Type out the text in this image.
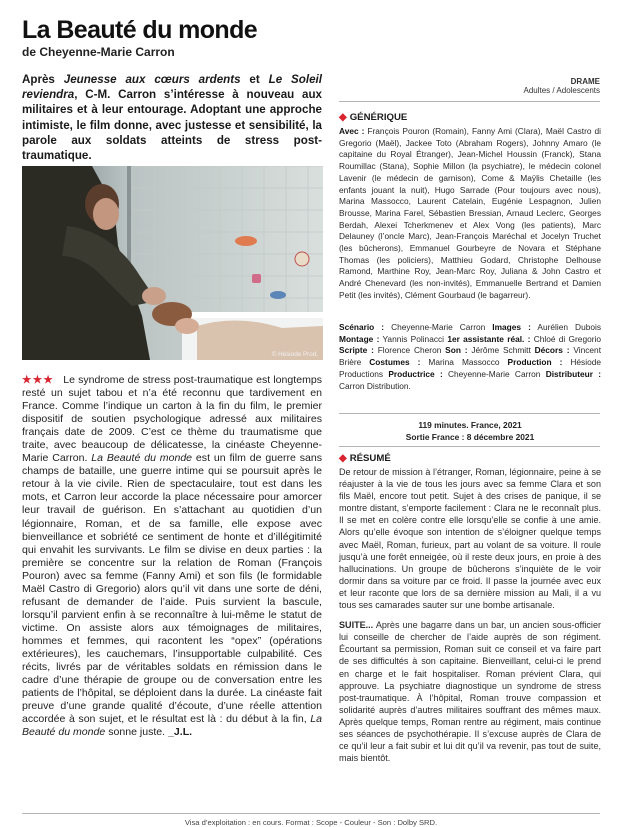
La Beauté du monde
de Cheyenne-Marie Carron
Après Jeunesse aux cœurs ardents et Le Soleil reviendra, C-M. Carron s’intéresse à nouveau aux militaires et à leur entourage. Adoptant une approche intimiste, le film donne, avec justesse et sensibilité, la parole aux soldats atteints de stress post-traumatique.
DRAME
Adultes / Adolescents
◆ GÉNÉRIQUE
Avec : François Pouron (Romain), Fanny Ami (Clara), Maël Castro di Gregorio (Maël), Jackee Toto (Abraham Rogers), Johnny Amaro (le capitaine du Royal Étranger), Jean-Michel Houssin (Franck), Stana Roumillac (Stana), Sophie Millon (la psychiatre), le médecin colonel Lavenir (le médecin de garnison), Come & Maÿlis Chetaille (les enfants jouant la nuit), Hugo Sarrade (Pour toujours avec nous), Marina Massocco, Laurent Catelain, Eugénie Lespagnon, Julien Brousse, Marina Farel, Sébastien Bressian, Arnaud Leclerc, Georges Berdah, Alexei Tcherkmenev et Alex Vong (les patients), Marc Delauney (l’oncle Marc), Jean-François Maréchal et Jocelyn Truchet (les bûcherons), Emmanuel Gourbeyre de Novara et Stéphane Thomas (les policiers), Matthieu Godard, Christophe Delhouse Ramond, Marthine Roy, Jean-Marc Roy, Juliana & John Castro et André Chenevard (les non-invités), Emmanuelle Bertrand et Damien Petit (les invités), Clément Gourbaud (le bagarreur).
Scénario : Cheyenne-Marie Carron Images : Aurélien Dubois Montage : Yannis Polinacci 1er assistante réal. : Chloé di Gregorio Scripte : Florence Cheron Son : Jérôme Schmitt Décors : Vincent Brière Costumes : Marina Massocco Production : Hésiode Productions Productrice : Cheyenne-Marie Carron Distributeur : Carron Distribution.
119 minutes. France, 2021
Sortie France : 8 décembre 2021
◆ RÉSUMÉ

De retour de mission à l’étranger, Roman, légionnaire, peine à se réajuster à la vie de tous les jours avec sa femme Clara et son fils Maël, encore tout petit. Sujet à des crises de panique, il se montre distant, s’emporte facilement : Clara ne le reconnaît plus. Il se met en colère contre elle lorsqu’elle se confie à une amie. Alors qu’elle évoque son intention de s’éloigner quelque temps avec Maël, Roman, furieux, part au volant de sa voiture. Il roule jusqu’à une forêt enneigée, où il reste deux jours, en proie à des hallucinations. Un groupe de bûcherons s’inquiète de le voir dormir dans sa voiture par ce froid. Il passe la journée avec eux et leur raconte que lors de sa dernière mission au Mali, il a vu tous ses camarades sauter sur une bombe artisanale.

SUITE... Après une bagarre dans un bar, un ancien sous-officier lui conseille de chercher de l’aide auprès de son régiment. Écourtant sa permission, Roman suit ce conseil et va faire part de ses difficultés à son capitaine. Bienveillant, celui-ci le prend en charge et le fait hospitaliser. Roman prévient Clara, qui approuve. La psychiatre diagnostique un syndrome de stress post-traumatique. À l’hôpital, Roman trouve compassion et solidarité auprès d’autres militaires souffrant des mêmes maux. Après quelque temps, Roman rentre au régiment, mais continue ses séances de psychothérapie. Il s’excuse auprès de Clara de ce qu’il leur a fait subir et lui dit qu’il va revenir, pas tout de suite, mais bientôt.

© Hésiode Prod.

★★★ Le syndrome de stress post-traumatique est longtemps resté un sujet tabou et n’a été reconnu que tardivement en France. Comme l’indique un carton à la fin du film, le premier dispositif de soutien psychologique adressé aux militaires français date de 2009. C’est ce thème du traumatisme que traite, avec beaucoup de délicatesse, la cinéaste Cheyenne-Marie Carron. La Beauté du monde est un film de guerre sans champs de bataille, une guerre intime qui se poursuit après le retour à la vie civile. Rien de spectaculaire, tout est dans les mots, et Carron leur accorde la place nécessaire pour amorcer leur travail de guérison. En s’attachant au quotidien d’un légionnaire, Roman, et de sa famille, elle expose avec bienveillance et sobriété ce sentiment de honte et d’illégitimité qui envahit les survivants. Le film se divise en deux parties : la première se concentre sur la relation de Roman (François Pouron) avec sa femme (Fanny Ami) et son fils (le formidable Maël Castro di Gregorio) alors qu’il vit dans une sorte de déni, refusant de demander de l’aide. Puis survient la bascule, lorsqu’il parvient enfin à se reconnaître à lui-même le statut de victime. On assiste alors aux témoignages de militaires, hommes et femmes, qui racontent les “opex” (opérations extérieures), les cauchemars, l’insupportable culpabilité. Ces récits, livrés par de véritables soldats en rémission dans le cadre d’une thérapie de groupe ou de conversation entre les patients de l’hôpital, se déploient dans la durée. La cinéaste fait preuve d’une grande qualité d’écoute, d’une réelle attention accordée à son sujet, et le résultat est là : du début à la fin, La Beauté du monde sonne juste. _J.L.

Visa d’exploitation : en cours. Format : Scope - Couleur - Son : Dolby SRD.
